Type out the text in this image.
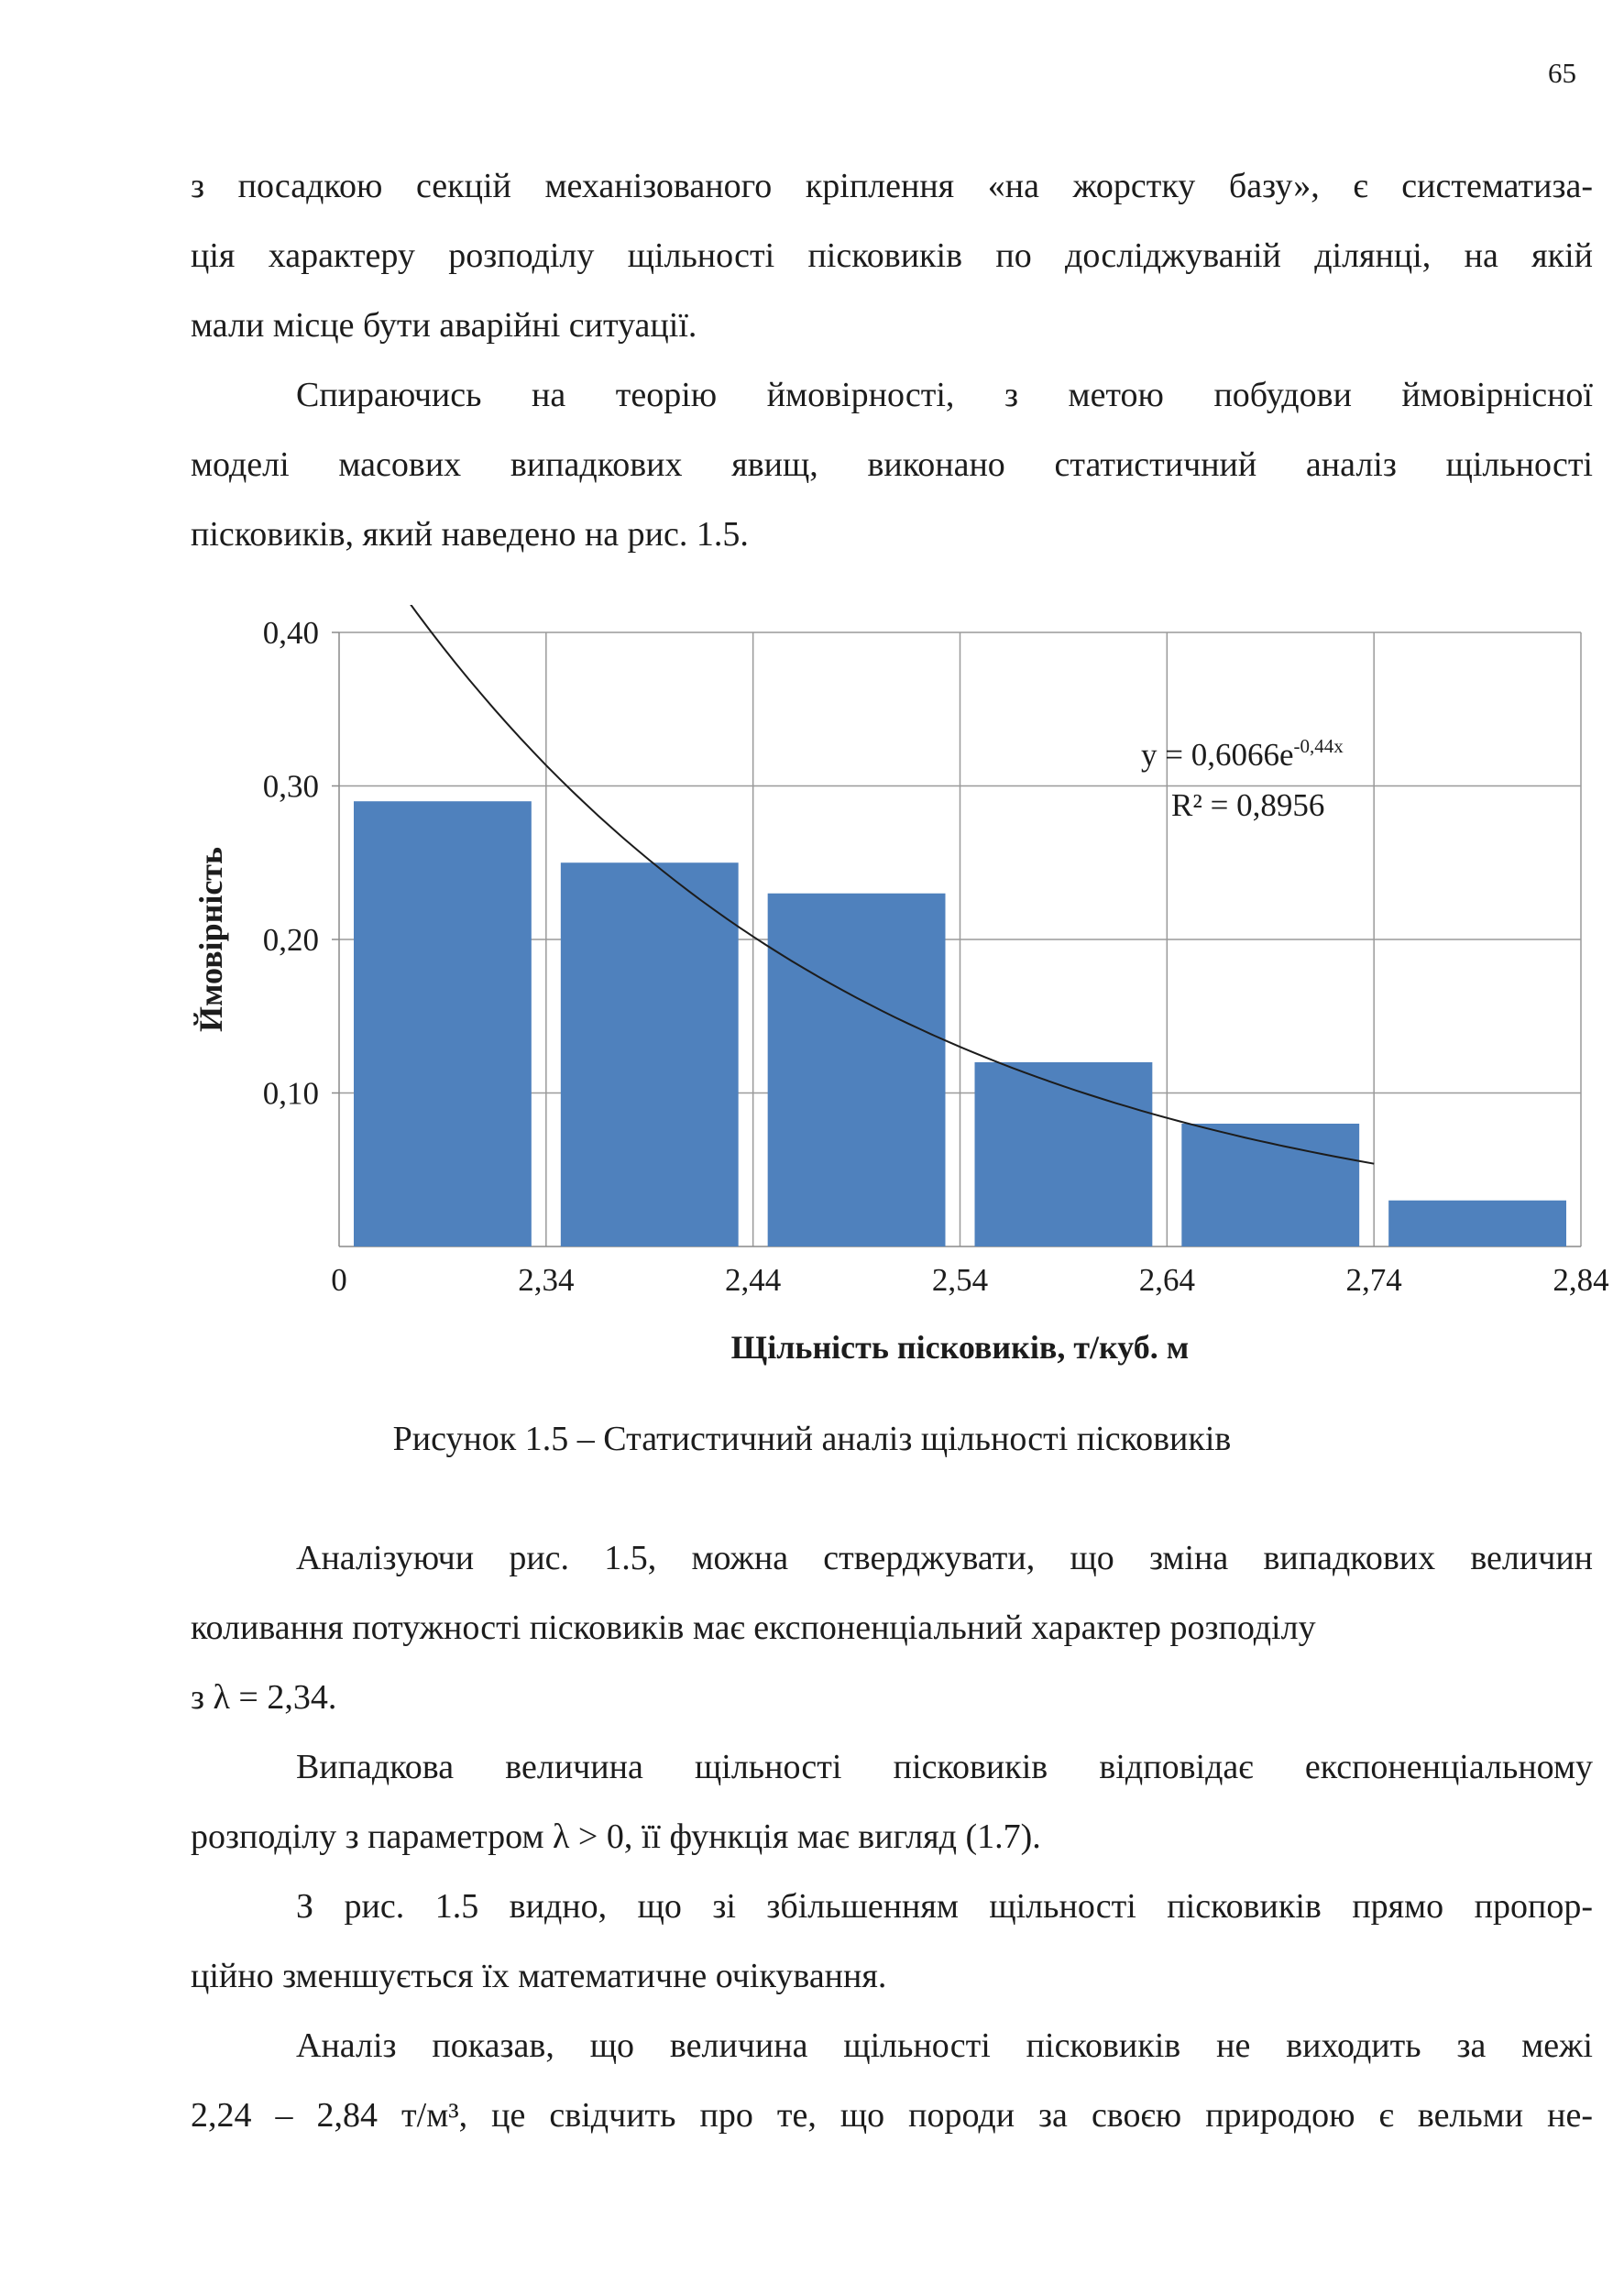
65
з посадкою секцій механізованого кріплення «на жорстку базу», є систематиза-
ція характеру розподілу щільності пісковиків по досліджуваній ділянці, на якій
мали місце бути аварійні ситуації.
Спираючись на теорію ймовірності, з метою побудови ймовірнісної
моделі масових випадкових явищ, виконано статистичний аналіз щільності
пісковиків, який наведено на рис. 1.5.
0,10
0,20
0,30
0,40
0	2,34	2,44	2,54	2,64	2,74	2,84
Щільність пісковиків, т/куб. м
Ймовірність
$y = 0,6066e^{-0,44x}$
R² = 0,8956
Рисунок 1.5 – Статистичний аналіз щільності пісковиків
Аналізуючи рис. 1.5, можна стверджувати, що зміна випадкових величин
коливання потужності пісковиків має експоненціальний характер розподілу
з λ = 2,34.
Випадкова величина щільності пісковиків відповідає експоненціальному
розподілу з параметром λ > 0, її функція має вигляд (1.7).
З рис. 1.5 видно, що зі збільшенням щільності пісковиків прямо пропор-
ційно зменшується їх математичне очікування.
Аналіз показав, що величина щільності пісковиків не виходить за межі
2,24 – 2,84 т/м³, це свідчить про те, що породи за своєю природою є вельми не-
